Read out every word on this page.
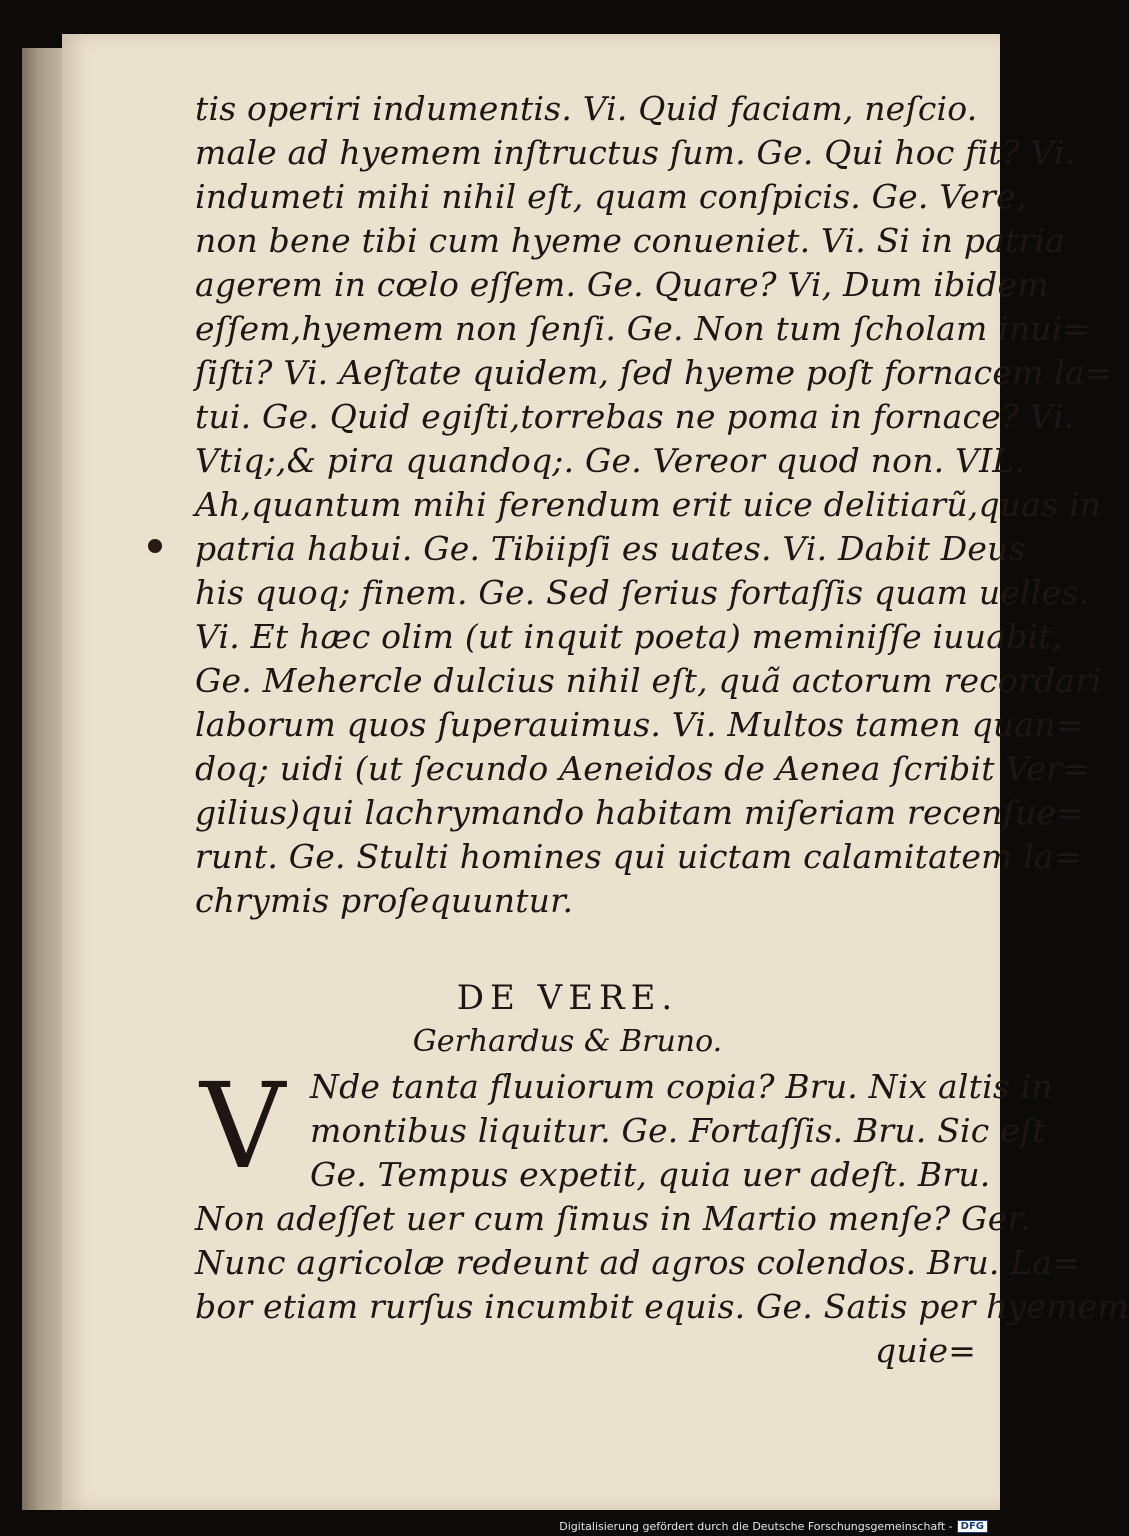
tis operiri indumentis. Vi. Quid faciam, neſcio.
male ad hyemem inſtructus ſum. Ge. Qui hoc fit? Vi.
indumeti mihi nihil eſt, quam conſpicis. Ge. Vere,
non bene tibi cum hyeme conueniet. Vi. Si in patria
agerem in cœlo eſſem. Ge. Quare? Vi, Dum ibidem
eſſem,hyemem non ſenſi. Ge. Non tum ſcholam inui=
ſiſti? Vi. Aeſtate quidem, ſed hyeme poſt fornacem la=
tui. Ge. Quid egiſti,torrebas ne poma in fornace? Vi.
Vtiq;,& pira quandoq;. Ge. Vereor quod non. VIL.
Ah,quantum mihi ferendum erit uice delitiarũ,quas in
patria habui. Ge. Tibiipſi es uates. Vi. Dabit Deus
his quoq; finem. Ge. Sed ſerius fortaſſis quam uelles.
Vi. Et hæc olim (ut inquit poeta) meminiſſe iuuabit,
Ge. Mehercle dulcius nihil eſt, quã actorum recordari
laborum quos ſuperauimus. Vi. Multos tamen quan=
doq; uidi (ut ſecundo Aeneidos de Aenea ſcribit Ver=
gilius)qui lachrymando habitam miſeriam recenſue=
runt. Ge. Stulti homines qui uictam calamitatem la=
chrymis proſequuntur.
DE VERE.
Gerhardus & Bruno.
Nde tanta fluuiorum copia? Bru. Nix altis in
montibus liquitur. Ge. Fortaſſis. Bru. Sic eſt
Ge. Tempus expetit, quia uer adeſt. Bru.
Non adeſſet uer cum ſimus in Martio menſe? Ger.
Nunc agricolæ redeunt ad agros colendos. Bru. La=
bor etiam rurſus incumbit equis. Ge. Satis per hyemem
quie=
V
Digitalisierung gefördert durch die Deutsche Forschungsgemeinschaft - DFG
